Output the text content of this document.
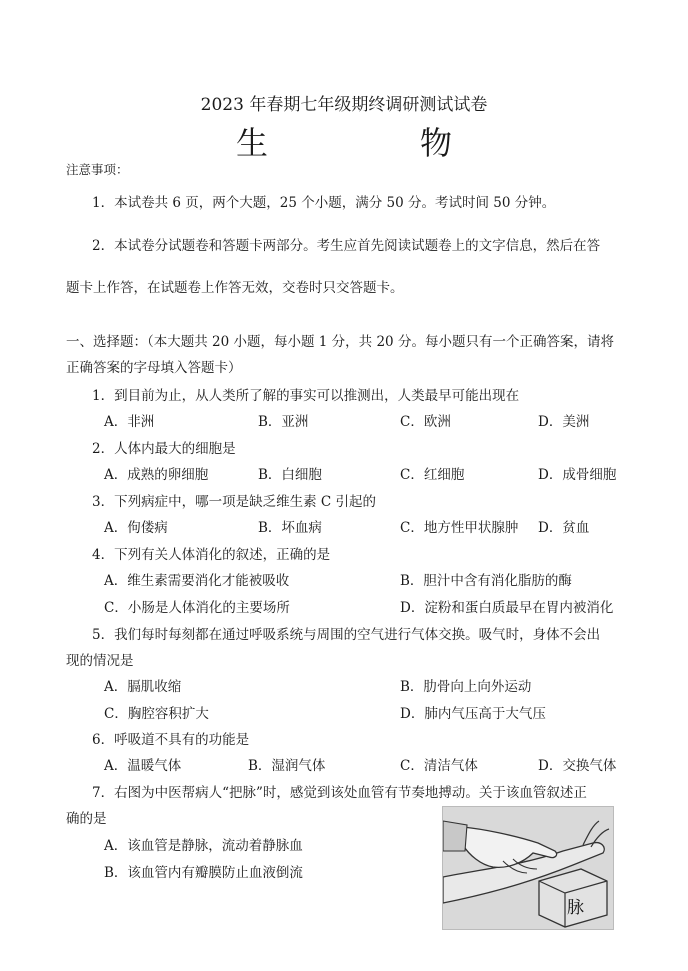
2023 年春期七年级期终调研测试试卷
生　物
注意事项：
1．本试卷共 6 页，两个大题，25 个小题，满分 50 分。考试时间 50 分钟。
2．本试卷分试题卷和答题卡两部分。考生应首先阅读试题卷上的文字信息，然后在答
题卡上作答，在试题卷上作答无效，交卷时只交答题卡。
一、选择题：（本大题共 20 小题，每小题 1 分，共 20 分。每小题只有一个正确答案，请将
正确答案的字母填入答题卡）
1．到目前为止，从人类所了解的事实可以推测出，人类最早可能出现在
A．非洲	B．亚洲	C．欧洲	D．美洲
2．人体内最大的细胞是
A．成熟的卵细胞	B．白细胞	C．红细胞	D．成骨细胞
3．下列病症中，哪一项是缺乏维生素 C 引起的
A．佝偻病	B．坏血病	C．地方性甲状腺肿 D．贫血
4．下列有关人体消化的叙述，正确的是
A．维生素需要消化才能被吸收	B．胆汁中含有消化脂肪的酶
C．小肠是人体消化的主要场所	D．淀粉和蛋白质最早在胃内被消化
5．我们每时每刻都在通过呼吸系统与周围的空气进行气体交换。吸气时，身体不会出
现的情况是
A．膈肌收缩	B．肋骨向上向外运动
C．胸腔容积扩大	D．肺内气压高于大气压
6．呼吸道不具有的功能是
A．温暖气体	B．湿润气体	C．清洁气体	D．交换气体
7．右图为中医帮病人“把脉”时，感觉到该处血管有节奏地搏动。关于该血管叙述正
确的是
A．该血管是静脉，流动着静脉血
B．该血管内有瓣膜防止血液倒流
脉
